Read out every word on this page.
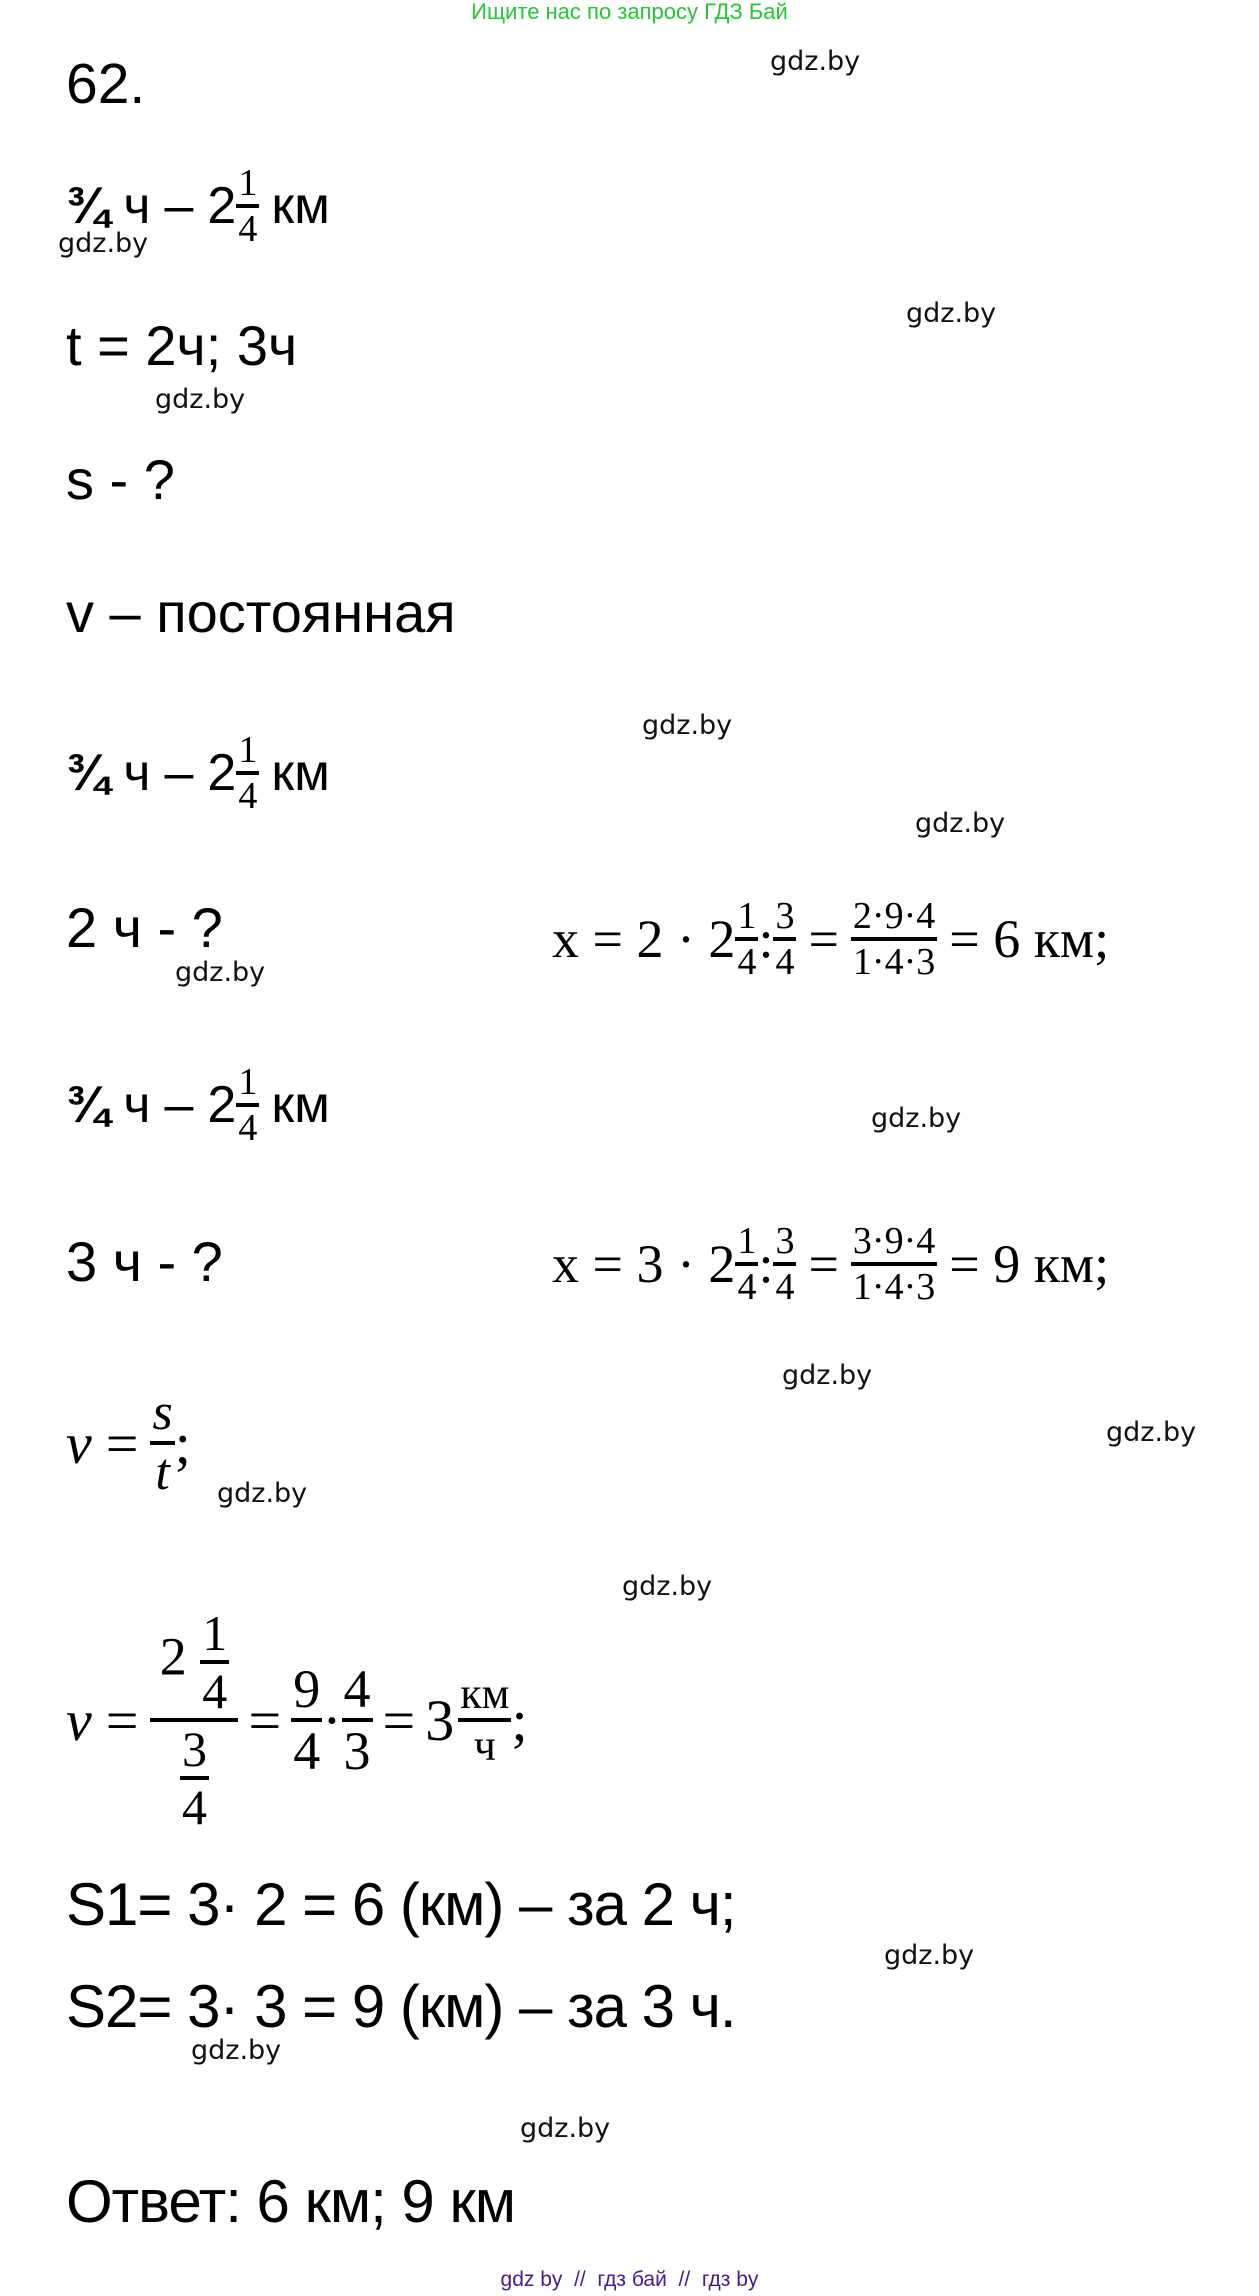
Ищите нас по запросу ГДЗ Бай
62.
¾ ч – $2 \frac{1}{4}$ км
t = 2ч; 3ч
s - ?
v – постоянная
¾ ч – $2 \frac{1}{4}$ км
2 ч - ?	$x = 2 \cdot 2 \frac{1}{4}$ : $\frac{3}{4} = \frac{2\cdot 9\cdot 4}{1\cdot 4\cdot 3} = 6$ км;
¾ ч – $2 \frac{1}{4}$ км
3 ч - ?	$x = 3 \cdot 2 \frac{1}{4}$ : $\frac{3}{4} = \frac{3\cdot 9\cdot 4}{1\cdot 4\cdot 3} = 9$ км;
$v = \frac{s}{t}$ ;
$v = \frac{2 \frac{1}{4}}{\frac{3}{4}} = \frac{9}{4} \cdot \frac{4}{3} = 3 \frac{км}{ч}$ ;
S1= 3· 2 = 6 (км) – за 2 ч;
S2= 3· 3 = 9 (км) – за 3 ч.
Ответ: 6 км; 9 км
gdz.by
gdz.by
gdz.by
gdz.by
gdz.by
gdz.by
gdz.by
gdz.by
gdz.by
gdz.by
gdz.by
gdz.by
gdz.by
gdz.by
gdz.by
gdz by  //  гдз бай  //  гдз by
